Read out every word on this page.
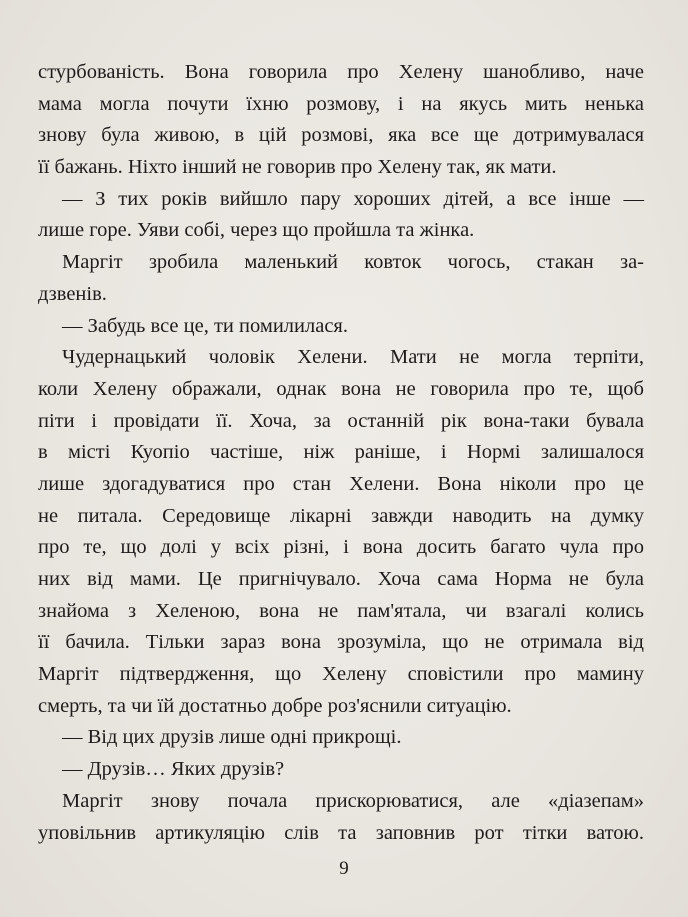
стурбованість. Вона говорила про Хелену шанобливо, наче
мама могла почути їхню розмову, і на якусь мить ненька
знову була живою, в цій розмові, яка все ще дотримувалася
її бажань. Ніхто інший не говорив про Хелену так, як мати.
— З тих років вийшло пару хороших дітей, а все інше —
лише горе. Уяви собі, через що пройшла та жінка.
Маргіт зробила маленький ковток чогось, стакан за-
дзвенів.
— Забудь все це, ти помилилася.
Чудернацький чоловік Хелени. Мати не могла терпіти,
коли Хелену ображали, однак вона не говорила про те, щоб
піти і провідати її. Хоча, за останній рік вона-таки бувала
в місті Куопіо частіше, ніж раніше, і Нормі залишалося
лише здогадуватися про стан Хелени. Вона ніколи про це
не питала. Середовище лікарні завжди наводить на думку
про те, що долі у всіх різні, і вона досить багато чула про
них від мами. Це пригнічувало. Хоча сама Норма не була
знайома з Хеленою, вона не пам'ятала, чи взагалі колись
її бачила. Тільки зараз вона зрозуміла, що не отримала від
Маргіт підтвердження, що Хелену сповістили про мамину
смерть, та чи їй достатньо добре роз'яснили ситуацію.
— Від цих друзів лише одні прикрощі.
— Друзів… Яких друзів?
Маргіт знову почала прискорюватися, але «діазепам»
уповільнив артикуляцію слів та заповнив рот тітки ватою.
9
